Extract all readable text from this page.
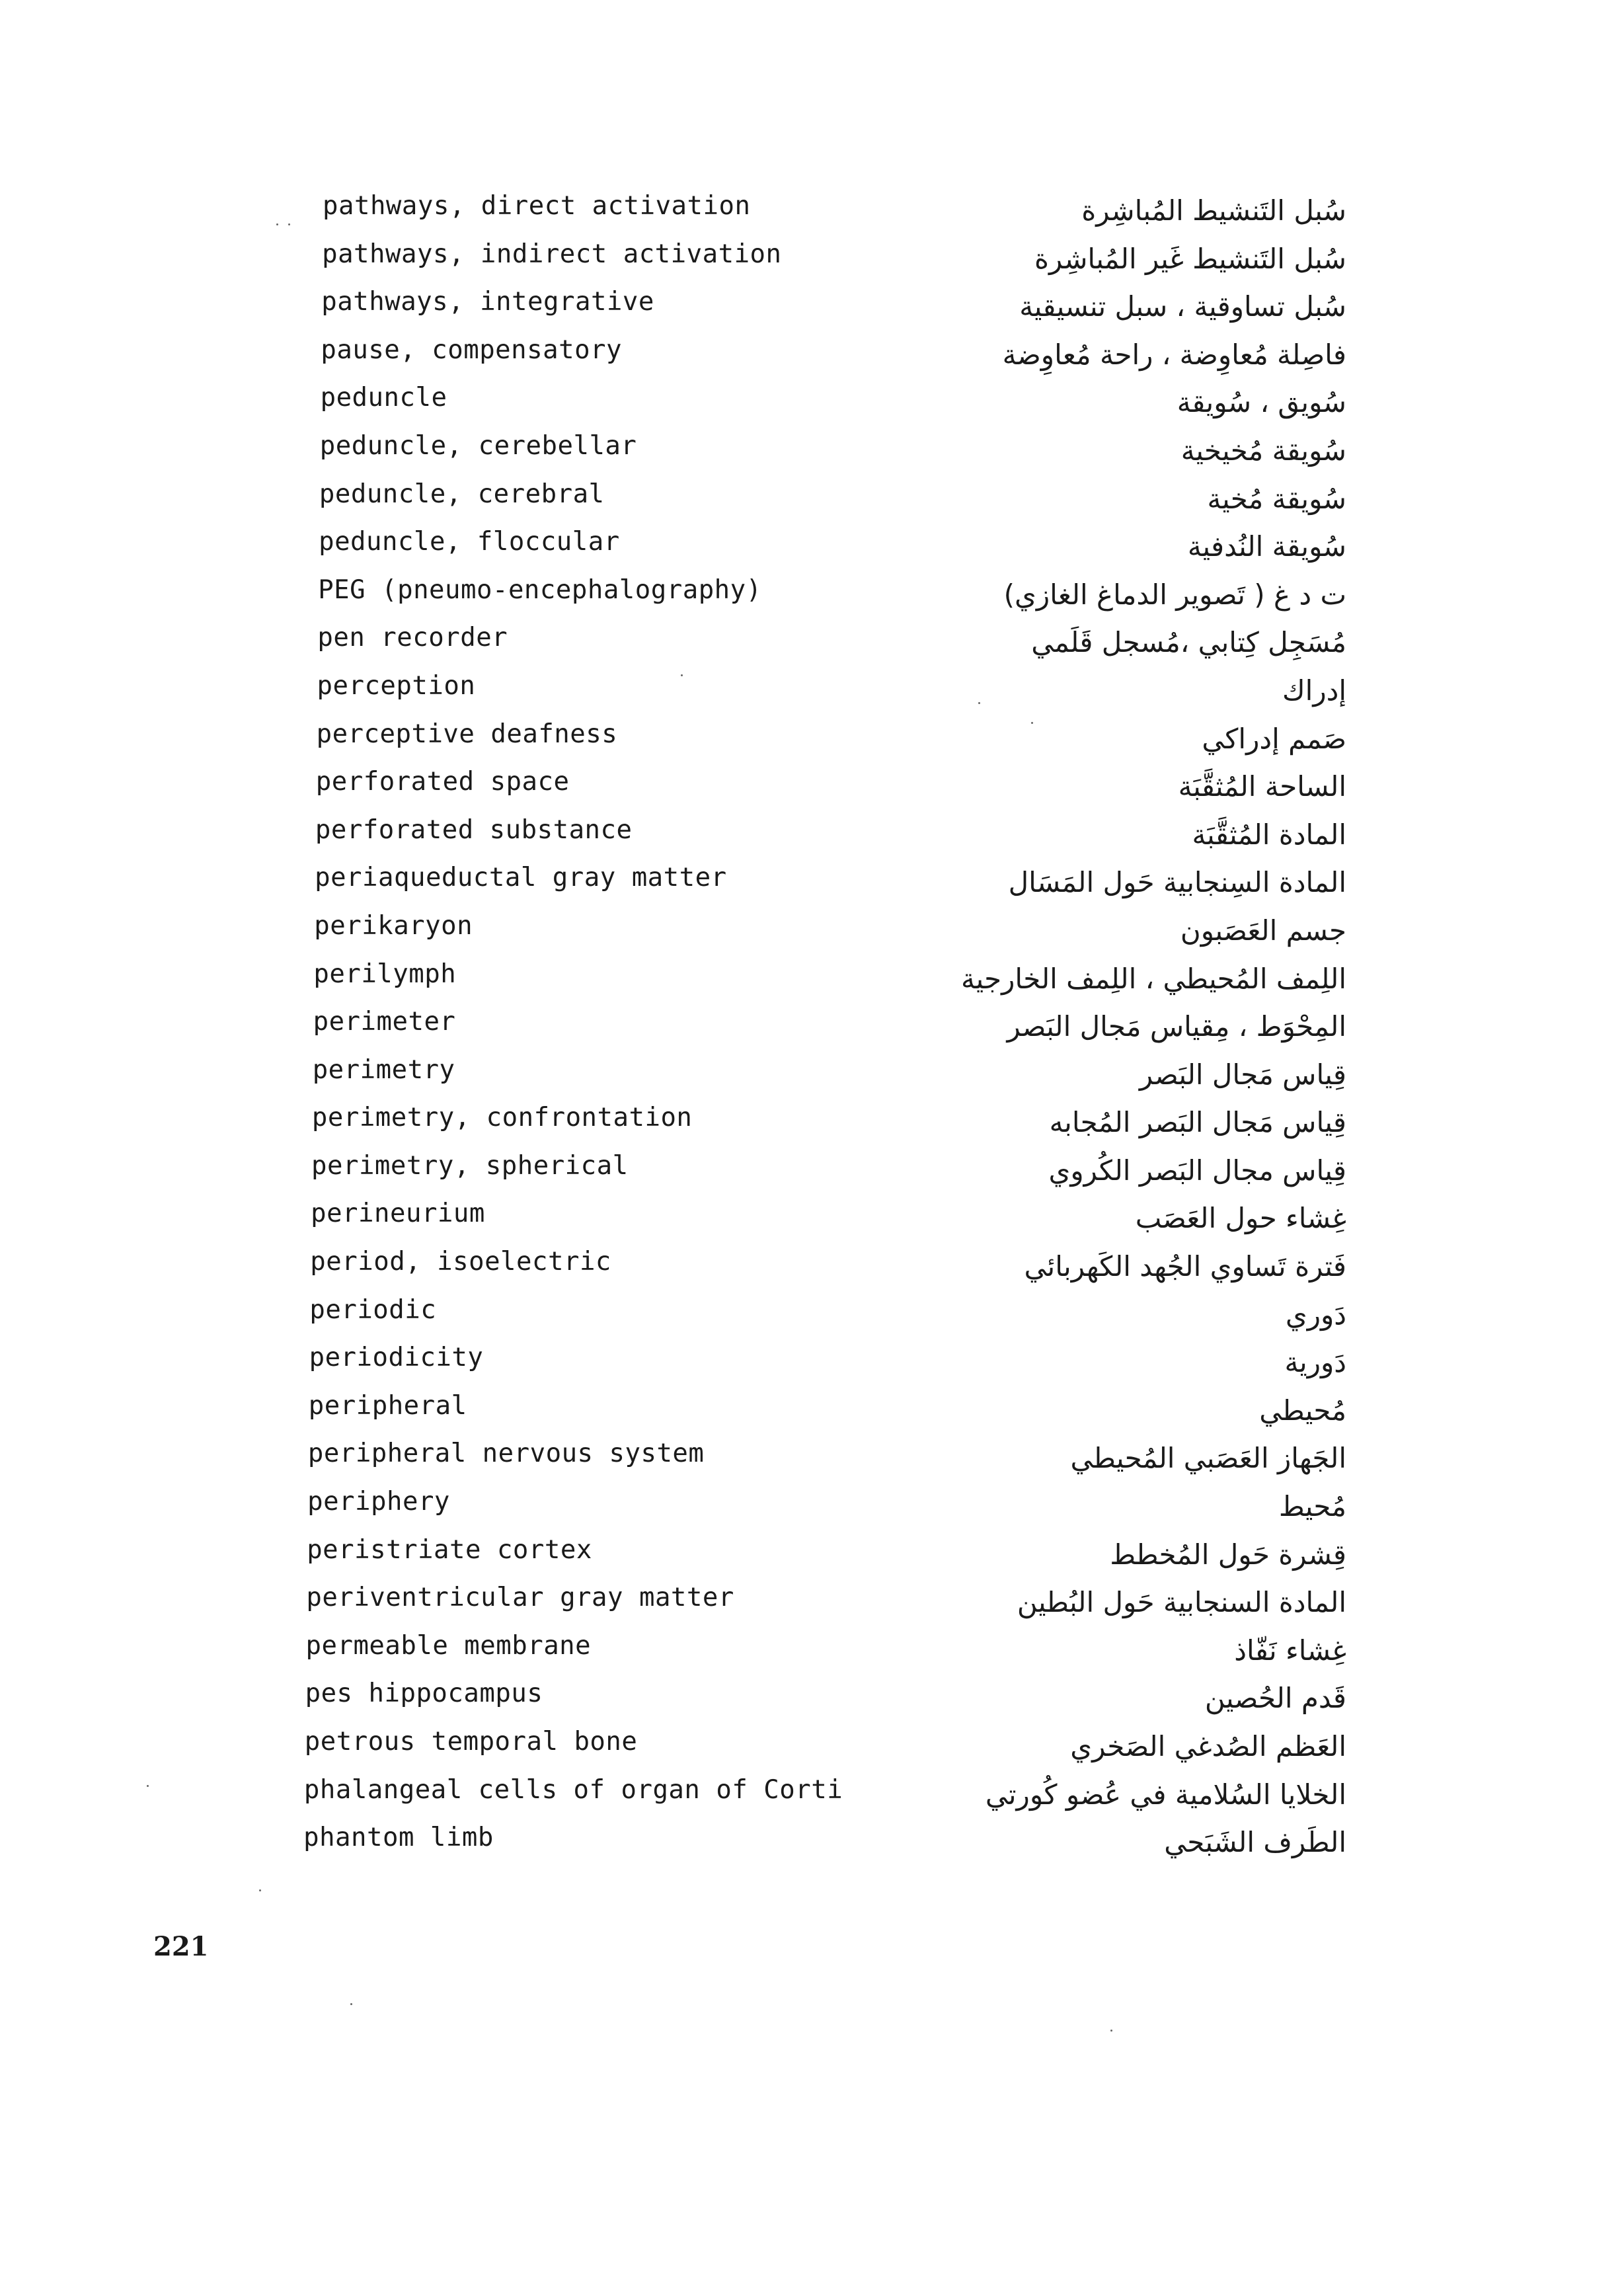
pathways, direct activation	سُبل التَنشيط المُباشِرة
pathways, indirect activation	سُبل التَنشيط غَير المُباشِرة
pathways, integrative	سُبل تساوقية ، سبل تنسيقية
pause, compensatory	فاصِلة مُعاوِضة ، راحة مُعاوِضة
peduncle	سُويق ، سُويقة
peduncle, cerebellar	سُويقة مُخيخية
peduncle, cerebral	سُويقة مُخية
peduncle, floccular	سُويقة النُدفية
PEG (pneumo-encephalography)	ت د غ ( تَصوير الدماغ الغازي)
pen recorder	مُسَجِل كِتابي ،مُسجل قَلَمي
perception	إدراك
perceptive deafness	صَمم إدراكي
perforated space	الساحة المُثقَّبَة
perforated substance	المادة المُثقَّبَة
periaqueductal gray matter	المادة السِنجابية حَول المَسَال
perikaryon	جسم العَصَبون
perilymph	اللِمف المُحيطي ، اللِمف الخارجية
perimeter	المِحْوَط ، مِقياس مَجال البَصر
perimetry	قِياس مَجال البَصر
perimetry, confrontation	قِياس مَجال البَصر المُجابه
perimetry, spherical	قِياس مجال البَصر الكُروي
perineurium	غِشاء حول العَصَب
period, isoelectric	فَترة تَساوي الجُهد الكَهربائي
periodic	دَوري
periodicity	دَورية
peripheral	مُحيطي
peripheral nervous system	الجَهاز العَصَبي المُحيطي
periphery	مُحيط
peristriate cortex	قِشرة حَول المُخطط
periventricular gray matter	المادة السنجابية حَول البُطين
permeable membrane	غِشاء نَفّاذ
pes hippocampus	قَدم الحُصين
petrous temporal bone	العَظم الصُدغي الصَخري
phalangeal cells of organ of Corti	الخلايا السُلامية في عُضو كُورتي
phantom limb	الطَرف الشَبَحي
221
